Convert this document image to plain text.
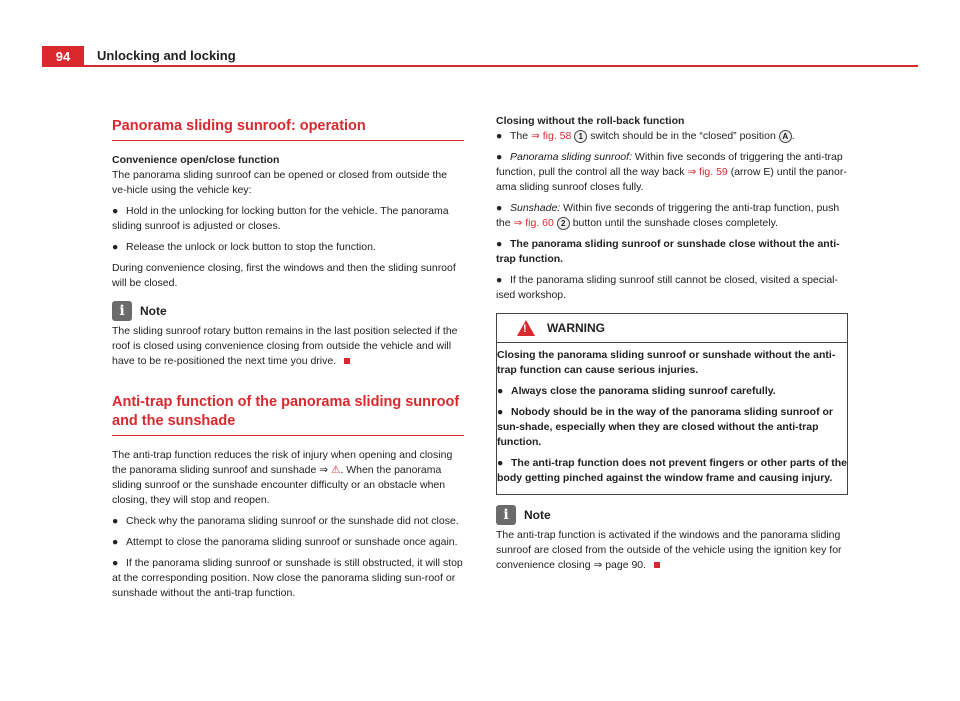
94	Unlocking and locking
Panorama sliding sunroof: operation

Convenience open/close function

The panorama sliding sunroof can be opened or closed from outside the ve-hicle using the vehicle key:

● Hold in the unlocking for locking button for the vehicle. The panorama sliding sunroof is adjusted or closes.

● Release the unlock or lock button to stop the function.

During convenience closing, first the windows and then the sliding sunroof will be closed.

i	Note

The sliding sunroof rotary button remains in the last position selected if the roof is closed using convenience closing from outside the vehicle and will have to be re-positioned the next time you drive.

Anti-trap function of the panorama sliding sunroof and the sunshade

The anti-trap function reduces the risk of injury when opening and closing the panorama sliding sunroof and sunshade ⇒ ⚠. When the panorama sliding sunroof or the sunshade encounter difficulty or an obstacle when closing, they will stop and reopen.

● Check why the panorama sliding sunroof or the sunshade did not close.

● Attempt to close the panorama sliding sunroof or sunshade once again.

● If the panorama sliding sunroof or sunshade is still obstructed, it will stop at the corresponding position. Now close the panorama sliding sun-roof or sunshade without the anti-trap function.

Closing without the roll-back function

● The ⇒ fig. 58 1 switch should be in the “closed” position A .

● Panorama sliding sunroof: Within five seconds of triggering the anti-trap function, pull the control all the way back ⇒ fig. 59 (arrow E) until the panor-ama sliding sunroof closes fully.

● Sunshade: Within five seconds of triggering the anti-trap function, push the ⇒ fig. 60 2 button until the sunshade closes completely.

● The panorama sliding sunroof or sunshade close without the anti-trap function.

● If the panorama sliding sunroof still cannot be closed, visited a special-ised workshop.

! WARNING

Closing the panorama sliding sunroof or sunshade without the anti-trap function can cause serious injuries.

● Always close the panorama sliding sunroof carefully.

● Nobody should be in the way of the panorama sliding sunroof or sun-shade, especially when they are closed without the anti-trap function.

● The anti-trap function does not prevent fingers or other parts of the body getting pinched against the window frame and causing injury.

i	Note

The anti-trap function is activated if the windows and the panorama sliding sunroof are closed from the outside of the vehicle using the ignition key for convenience closing ⇒ page 90.
